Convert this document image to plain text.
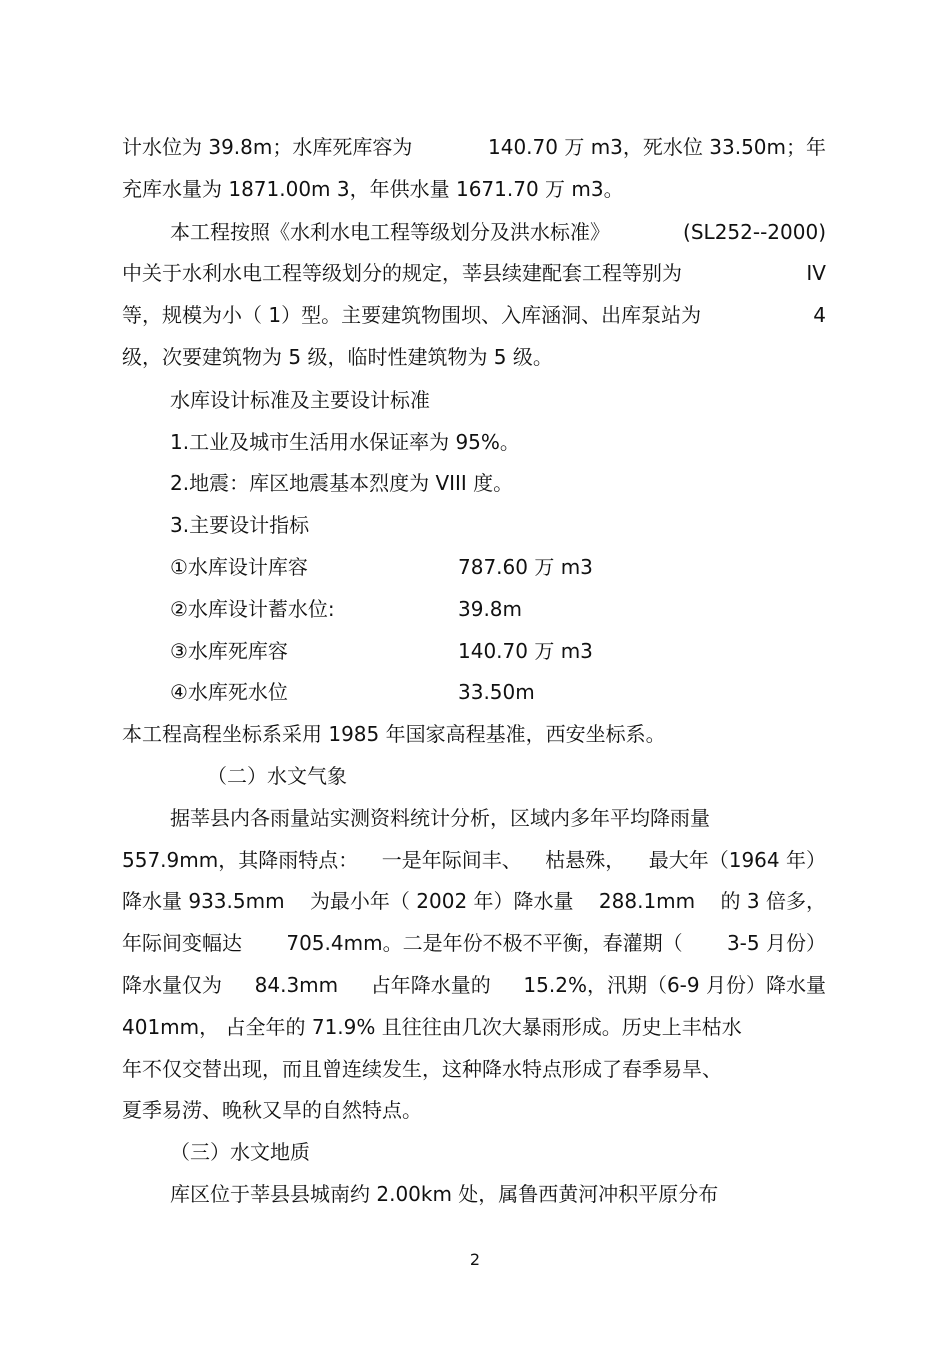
计水位为 39.8m；水库死库容为	140.70 万 m3，死水位 33.50m；年
充库水量为 1871.00m 3，年供水量 1671.70 万 m3。
本工程按照《水利水电工程等级划分及洪水标准》	(SL252--2000)
中关于水利水电工程等级划分的规定，莘县续建配套工程等别为	IV
等，规模为小（ 1）型。主要建筑物围坝、入库涵洞、出库泵站为	4
级，次要建筑物为 5 级，临时性建筑物为 5 级。
水库设计标准及主要设计标准
1.工业及城市生活用水保证率为 95%。
2.地震：库区地震基本烈度为 VIII 度。
3.主要设计指标
①水库设计库容	787.60 万 m3
②水库设计蓄水位:	39.8m
③水库死库容	140.70 万 m3
④水库死水位	33.50m
本工程高程坐标系采用 1985 年国家高程基准，西安坐标系。
（二）水文气象
据莘县内各雨量站实测资料统计分析，区域内多年平均降雨量
557.9mm，其降雨特点： 一是年际间丰、 枯悬殊， 最大年（1964 年）
降水量 933.5mm 为最小年（ 2002 年）降水量 288.1mm 的 3 倍多，
年际间变幅达 705.4mm。二是年份不极不平衡，春灌期（ 3-5 月份）
降水量仅为 84.3mm 占年降水量的 15.2%，汛期（6-9 月份）降水量
401mm， 占全年的 71.9% 且往往由几次大暴雨形成。历史上丰枯水
年不仅交替出现，而且曾连续发生，这种降水特点形成了春季易旱、
夏季易涝、晚秋又旱的自然特点。
（三）水文地质
库区位于莘县县城南约 2.00km 处，属鲁西黄河冲积平原分布
2
